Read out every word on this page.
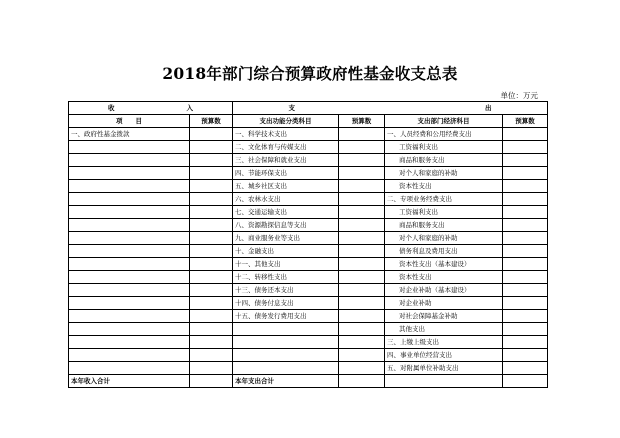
2018年部门综合预算政府性基金收支总表
单位：万元
收 入		支 出			
项　　目	预算数	支出功能分类科目	预算数	支出部门经济科目	预算数
一、政府性基金拨款		一、科学技术支出		一、人员经费和公用经费支出	
		二、文化体育与传媒支出		工资福利支出	
		三、社会保障和就业支出		商品和服务支出	
		四、节能环保支出		对个人和家庭的补助	
		五、城乡社区支出		资本性支出	
		六、农林水支出		二、专项业务经费支出	
		七、交通运输支出		工资福利支出	
		八、资源勘探信息等支出		商品和服务支出	
		九、商业服务业等支出		对个人和家庭的补助	
		十、金融支出		债务利息及费用支出	
		十一、其他支出		资本性支出（基本建设）	
		十二、转移性支出		资本性支出	
		十三、债务还本支出		对企业补助（基本建设）	
		十四、债务付息支出		对企业补助	
		十五、债务发行费用支出		对社会保障基金补助	
				其他支出	
				三、上缴上级支出	
				四、事业单位经营支出	
				五、对附属单位补助支出	
本年收入合计		本年支出合计			
